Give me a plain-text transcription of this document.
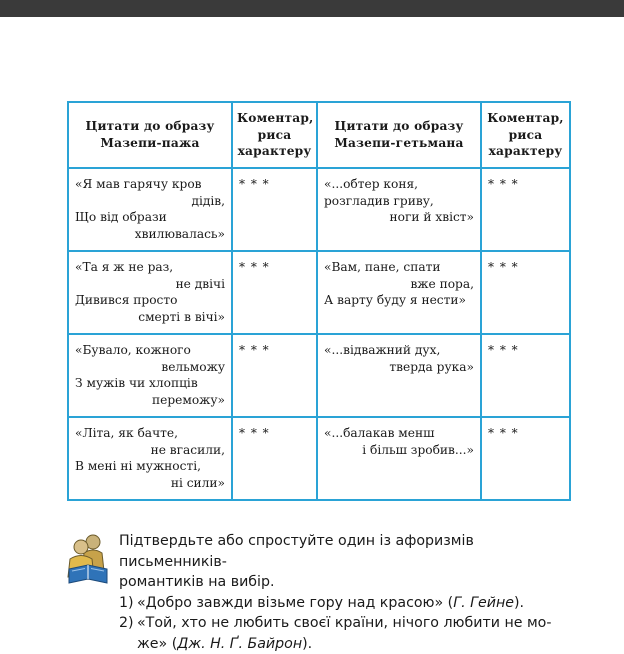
Цитати до образу Мазепи-пажа	Коментар, риса характеру	Цитати до образу Мазепи-гетьмана	Коментар, риса характеру

«Я мав гарячу кров
дідів,
Що від образи
хвилювалась»	* * *	«...обтер коня,
розгладив гриву,
ноги й хвіст»	* * *

«Та я ж не раз,
не двічі
Дивився просто
смерті в вічі»	* * *	«Вам, пане, спати
вже пора,
А варту буду я нести»	* * *

«Бувало, кожного
вельможу
З мужів чи хлопців
переможу»	* * *	«...відважний дух,
тверда рука»	* * *

«Літа, як бачте,
не вгасили,
В мені ні мужності,
ні сили»	* * *	«...балакав менш
і більш зробив...»	* * *
Підтвердьте або спростуйте один із афоризмів письменників-
романтиків на вибір.
1) «Добро завжди візьме гору над красою» (Г. Гейне).
2) «Той, хто не любить своєї країни, нічого любити не мо-
же» (Дж. Н. Ґ. Байрон).
